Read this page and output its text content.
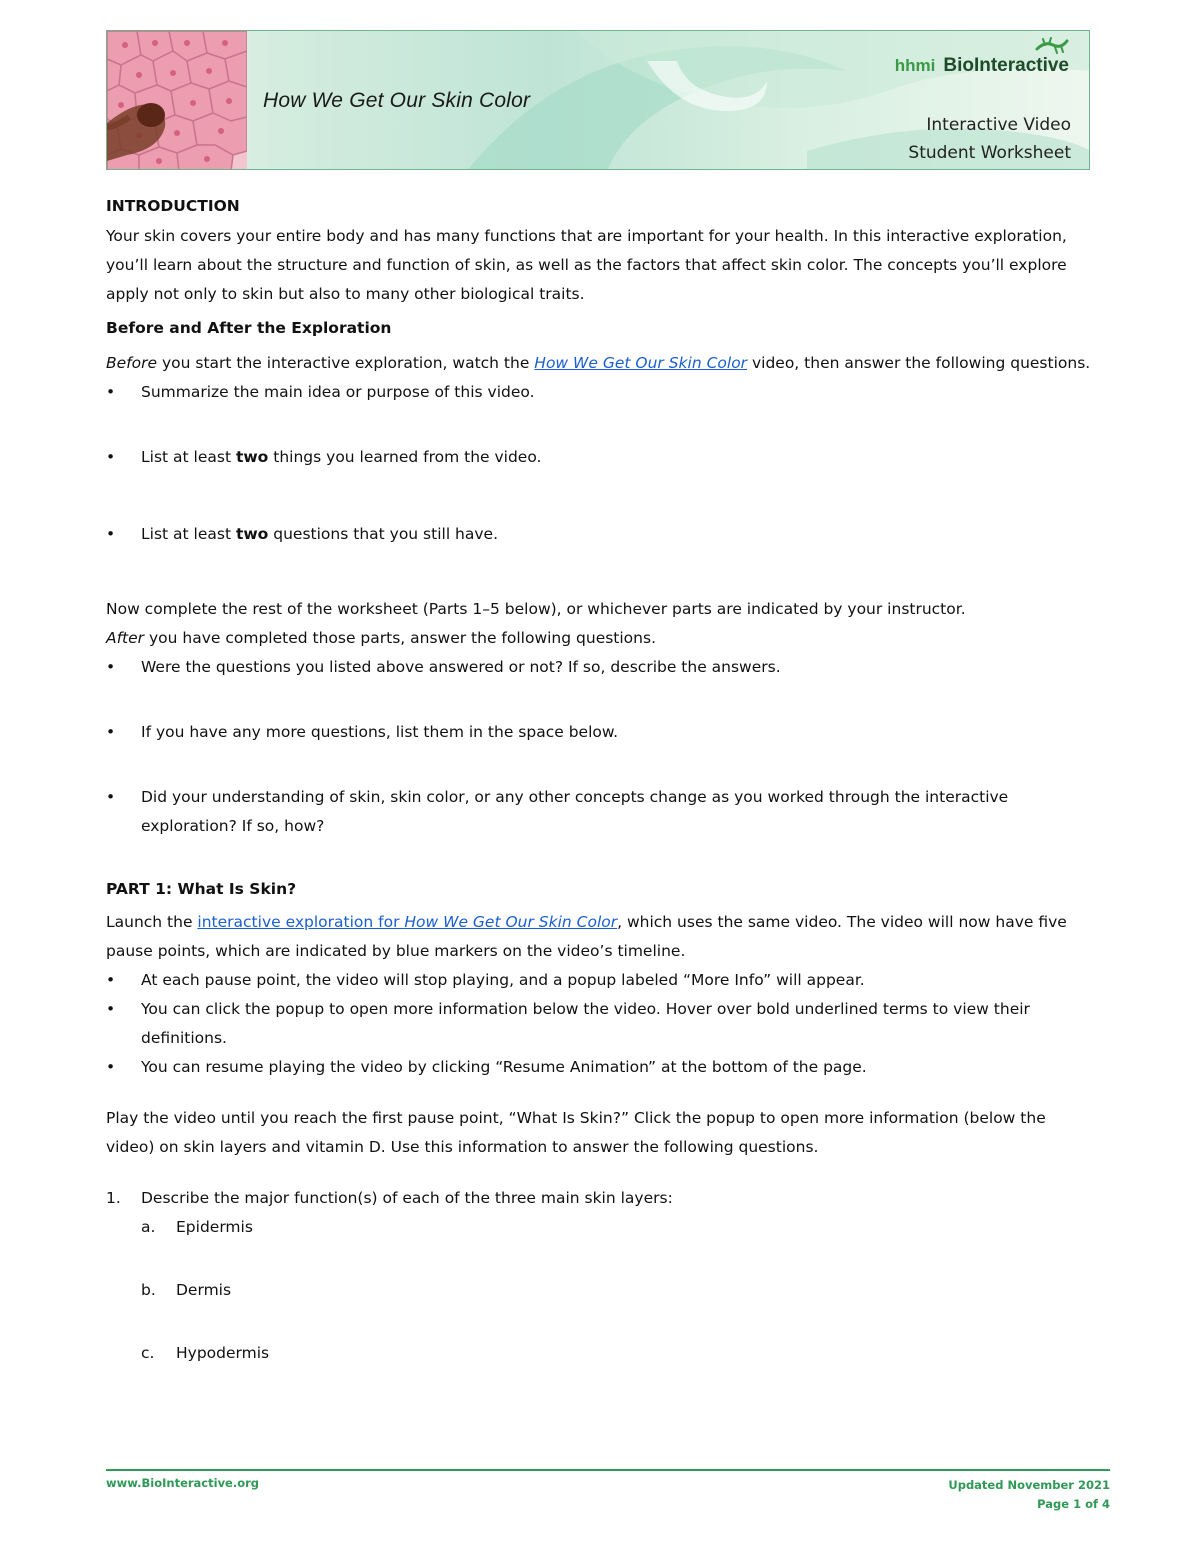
How We Get Our Skin Color
hhmi BioInteractive
Interactive Video
Student Worksheet

INTRODUCTION

Your skin covers your entire body and has many functions that are important for your health. In this interactive exploration, you’ll learn about the structure and function of skin, as well as the factors that affect skin color. The concepts you’ll explore apply not only to skin but also to many other biological traits.

Before and After the Exploration

Before you start the interactive exploration, watch the How We Get Our Skin Color video, then answer the following questions.

•	Summarize the main idea or purpose of this video.
•	List at least two things you learned from the video.
•	List at least two questions that you still have.

Now complete the rest of the worksheet (Parts 1–5 below), or whichever parts are indicated by your instructor.

After you have completed those parts, answer the following questions.

•	Were the questions you listed above answered or not? If so, describe the answers.
•	If you have any more questions, list them in the space below.
•	Did your understanding of skin, skin color, or any other concepts change as you worked through the interactive exploration? If so, how?

PART 1: What Is Skin?

Launch the interactive exploration for How We Get Our Skin Color, which uses the same video. The video will now have five pause points, which are indicated by blue markers on the video’s timeline.

•	At each pause point, the video will stop playing, and a popup labeled “More Info” will appear.
•	You can click the popup to open more information below the video. Hover over bold underlined terms to view their definitions.
•	You can resume playing the video by clicking “Resume Animation” at the bottom of the page.

Play the video until you reach the first pause point, “What Is Skin?” Click the popup to open more information (below the video) on skin layers and vitamin D. Use this information to answer the following questions.

1. Describe the major function(s) of each of the three main skin layers:
a. Epidermis
b. Dermis
c. Hypodermis
www.BioInteractive.org	Updated November 2021
Page 1 of 4
